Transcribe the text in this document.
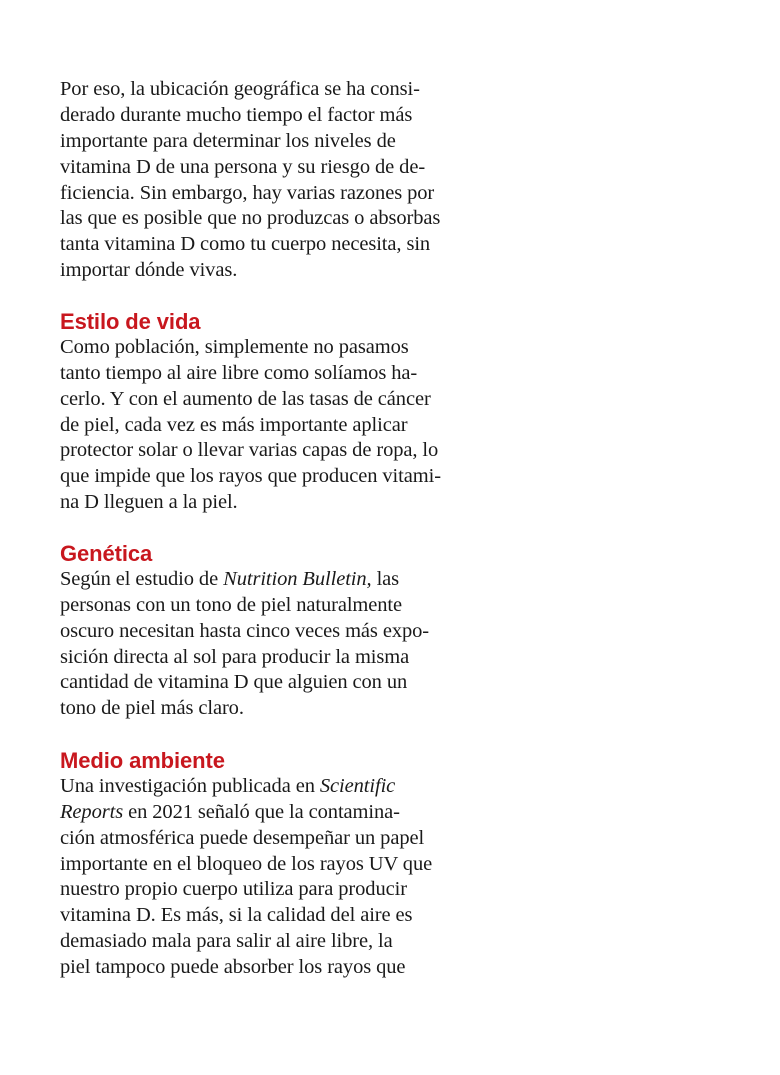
Por eso, la ubicación geográfica se ha consi-
derado durante mucho tiempo el factor más
importante para determinar los niveles de
vitamina D de una persona y su riesgo de de-
ficiencia. Sin embargo, hay varias razones por
las que es posible que no produzcas o absorbas
tanta vitamina D como tu cuerpo necesita, sin
importar dónde vivas.
Estilo de vida
Como población, simplemente no pasamos
tanto tiempo al aire libre como solíamos ha-
cerlo. Y con el aumento de las tasas de cáncer
de piel, cada vez es más importante aplicar
protector solar o llevar varias capas de ropa, lo
que impide que los rayos que producen vitami-
na D lleguen a la piel.
Genética
Según el estudio de Nutrition Bulletin, las
personas con un tono de piel naturalmente
oscuro necesitan hasta cinco veces más expo-
sición directa al sol para producir la misma
cantidad de vitamina D que alguien con un
tono de piel más claro.
Medio ambiente
Una investigación publicada en Scientific
Reports en 2021 señaló que la contamina-
ción atmosférica puede desempeñar un papel
importante en el bloqueo de los rayos UV que
nuestro propio cuerpo utiliza para producir
vitamina D. Es más, si la calidad del aire es
demasiado mala para salir al aire libre, la
piel tampoco puede absorber los rayos que
